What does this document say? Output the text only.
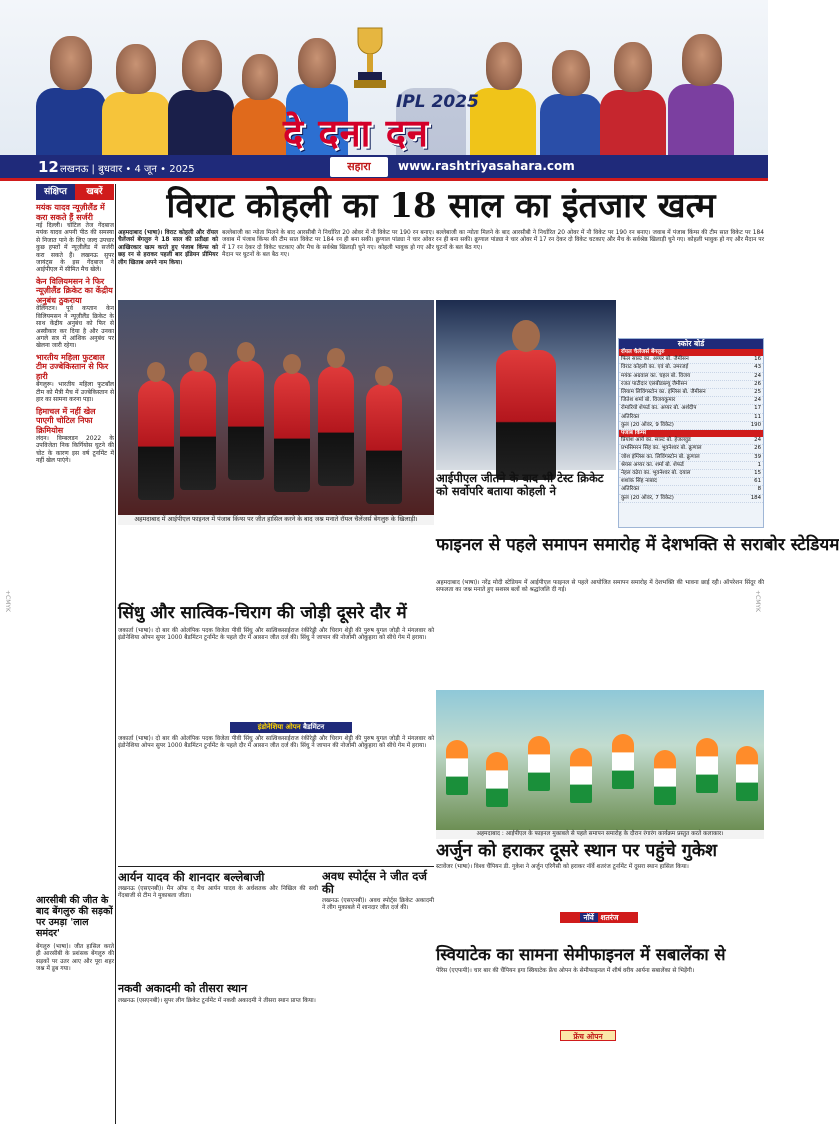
IPL 2025
दे दना दन
12 लखनऊ | बुधवार • 4 जून • 2025	सहारा	www.rashtriyasahara.com
संक्षिप्त	खबरें
मयंक यादव न्यूज़ीलैंड में करा सकते हैं सर्जरी
नई दिल्ली। चोटिल तेज गेंदबाज मयंक यादव अपनी पीठ की समस्या से निजात पाने के लिए जल्द उपचार कुछ हफ्तों में न्यूज़ीलैंड में सर्जरी करा सकते हैं। लखनऊ सुपर जायंट्स के इस गेंदबाज ने आईपीएल में सीमित मैच खेले।
केन विलियमसन ने फिर न्यूज़ीलैंड क्रिकेट का केंद्रीय अनुबंध ठुकराया
वेलिंगटन। पूर्व कप्तान केन विलियमसन ने न्यूज़ीलैंड क्रिकेट के साथ केंद्रीय अनुबंध को फिर से अस्वीकार कर दिया है और उनका अगले सत्र में आंशिक अनुबंध पर खेलना जारी रहेगा।
भारतीय महिला फुटबाल टीम उज्बेकिस्तान से फिर हारी
बेंगलुरू। भारतीय महिला फुटबॉल टीम को मैत्री मैच में उज्बेकिस्तान से हार का सामना करना पड़ा।
हिमाचल में नहीं खेल पाएगी चोटिल निफा क्रिमियोस
लंदन। विम्बलडन 2022 के उपविजेता निक किर्गियोस घुटने की चोट के कारण इस वर्ष टूर्नामेंट में नहीं खेल पाएंगे।
विराट कोहली का 18 साल का इंतजार खत्म

अहमदाबाद (भाषा)। विराट कोहली और रॉयल चैलेंजर्स बेंगलुरु ने 18 साल की प्रतीक्षा को आखिरकार खत्म करते हुए पंजाब किंग्स को छह रन से हराकर पहली बार इंडियन प्रीमियर लीग खिताब अपने नाम किया।

बल्लेबाजी का न्योता मिलने के बाद आरसीबी ने निर्धारित 20 ओवर में नौ विकेट पर 190 रन बनाए। जवाब में पंजाब किंग्स की टीम सात विकेट पर 184 रन ही बना सकी। क्रुणाल पांड्या ने चार ओवर में 17 रन देकर दो विकेट चटकाए और मैच के सर्वश्रेष्ठ खिलाड़ी चुने गए। कोहली भावुक हो गए और मैदान पर घुटनों के बल बैठ गए।

बल्लेबाजी का न्योता मिलने के बाद आरसीबी ने निर्धारित 20 ओवर में नौ विकेट पर 190 रन बनाए। जवाब में पंजाब किंग्स की टीम सात विकेट पर 184 रन ही बना सकी। क्रुणाल पांड्या ने चार ओवर में 17 रन देकर दो विकेट चटकाए और मैच के सर्वश्रेष्ठ खिलाड़ी चुने गए। कोहली भावुक हो गए और मैदान पर घुटनों के बल बैठ गए।

अहमदाबाद में आईपीएल फाइनल में पंजाब किंग्स पर जीत हासिल करने के बाद जश्न मनाते रॉयल चैलेंजर्स बेंगलुरु के खिलाड़ी।
आईपीएल जीतने के बाद भी टेस्ट क्रिकेट को सर्वोपरि बताया कोहली ने
स्कोर बोर्ड
रॉयल चैलेंजर्स बेंगलुरु
फिल साल्ट का. अय्यर बो. जैमीसन	16
विराट कोहली का. एवं बो. उमरजई	43
मयंक अग्रवाल का. चहल बो. विजय	24
रजत पाटीदार एलबीडब्ल्यू जैमीसन	26
लियाम लिविंगस्टोन का. इंग्लिस बो. जैमीसन	25
जितेश शर्मा बो. विजयकुमार	24
रोमारियो शेफर्ड का. अय्यर बो. अर्शदीप	17
अतिरिक्त	11
कुल (20 ओवर, 9 विकेट)	190
पंजाब किंग्स
प्रियांश आर्य का. साल्ट बो. हेजलवुड	24
प्रभसिमरन सिंह का. भुवनेश्वर बो. क्रुणाल	26
जोश इंग्लिस का. लिविंगस्टोन बो. क्रुणाल	39
श्रेयस अय्यर का. शर्मा बो. शेफर्ड	1
नेहल वढेरा का. भुवनेश्वर बो. दयाल	15
शशांक सिंह नाबाद	61
अतिरिक्त	8
कुल (20 ओवर, 7 विकेट)	184
सिंधु और सात्विक-चिराग की जोड़ी दूसरे दौर में

जकार्ता (भाषा)। दो बार की ओलंपिक पदक विजेता पीवी सिंधु और सात्विकसाईराज रंकीरेड्डी और चिराग शेट्टी की पुरुष युगल जोड़ी ने मंगलवार को इंडोनेशिया ओपन सुपर 1000 बैडमिंटन टूर्नामेंट के पहले दौर में आसान जीत दर्ज की। सिंधु ने जापान की नोजोमी ओकुहारा को सीधे गेम में हराया।

इंडोनेशिया ओपन बैडमिंटन

जकार्ता (भाषा)। दो बार की ओलंपिक पदक विजेता पीवी सिंधु और सात्विकसाईराज रंकीरेड्डी और चिराग शेट्टी की पुरुष युगल जोड़ी ने मंगलवार को इंडोनेशिया ओपन सुपर 1000 बैडमिंटन टूर्नामेंट के पहले दौर में आसान जीत दर्ज की। सिंधु ने जापान की नोजोमी ओकुहारा को सीधे गेम में हराया।

आर्यन यादव की शानदार बल्लेबाजी

लखनऊ (एसएनबी)। मैन ऑफ द मैच आर्यन यादव के अर्धशतक और निखिल की सधी गेंदबाजी से टीम ने मुकाबला जीता।

नकवी अकादमी को तीसरा स्थान

लखनऊ (एसएनबी)। सुपर लीग क्रिकेट टूर्नामेंट में नकवी अकादमी ने तीसरा स्थान प्राप्त किया।

अवध स्पोर्ट्स ने जीत दर्ज की

लखनऊ (एसएनबी)। अवध स्पोर्ट्स क्रिकेट अकादमी ने लीग मुकाबले में शानदार जीत दर्ज की।

फाइनल से पहले समापन समारोह में देशभक्ति से सराबोर स्टेडियम

अहमदाबाद (भाषा)। नरेंद्र मोदी स्टेडियम में आईपीएल फाइनल से पहले आयोजित समापन समारोह में देशभक्ति की भावना छाई रही। ऑपरेशन सिंदूर की सफलता का जश्न मनाते हुए सशस्त्र बलों को श्रद्धांजलि दी गई।

अहमदाबाद : आईपीएल के फाइनल मुकाबले से पहले समापन समारोह के दौरान रंगारंग कार्यक्रम प्रस्तुत करते कलाकार।
अर्जुन को हराकर दूसरे स्थान पर पहुंचे गुकेश

स्टावेंजर (भाषा)। विश्व चैंपियन डी. गुकेश ने अर्जुन एरिगैसी को हराकर नॉर्वे शतरंज टूर्नामेंट में दूसरा स्थान हासिल किया।

नॉर्वे शतरंज
स्वियाटेक का सामना सेमीफाइनल में सबालेंका से

पेरिस (एएफपी)। चार बार की चैंपियन इगा स्वियाटेक फ्रेंच ओपन के सेमीफाइनल में शीर्ष वरीय आर्यना सबालेंका से भिड़ेंगी।

फ्रेंच ओपन
आरसीबी की जीत के बाद बेंगलुरु की सड़कों पर उमड़ा 'लाल समंदर'

बेंगलुरु (भाषा)। जीत हासिल करते ही आरसीबी के प्रशंसक बेंगलुरु की सड़कों पर उतर आए और पूरा शहर जश्न में डूब गया।

+CMYK	+CMYK
